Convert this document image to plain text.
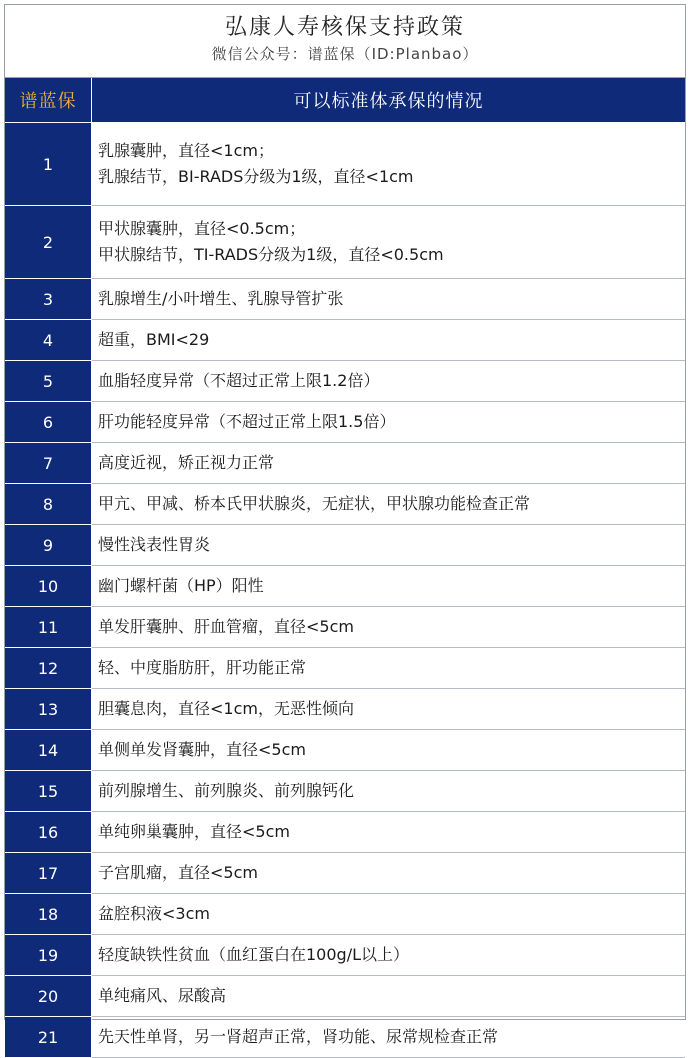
弘康人寿核保支持政策
微信公众号：谱蓝保（ID:Planbao）
谱蓝保	可以标准体承保的情况
1	乳腺囊肿，直径<1cm；
乳腺结节，BI-RADS分级为1级，直径<1cm

2	甲状腺囊肿，直径<0.5cm；
甲状腺结节，TI-RADS分级为1级，直径<0.5cm

3	乳腺增生/小叶增生、乳腺导管扩张

4	超重，BMI<29

5	血脂轻度异常（不超过正常上限1.2倍）

6	肝功能轻度异常（不超过正常上限1.5倍）

7	高度近视，矫正视力正常

8	甲亢、甲减、桥本氏甲状腺炎，无症状，甲状腺功能检查正常

9	慢性浅表性胃炎

10	幽门螺杆菌（HP）阳性

11	单发肝囊肿、肝血管瘤，直径<5cm

12	轻、中度脂肪肝，肝功能正常

13	胆囊息肉，直径<1cm，无恶性倾向

14	单侧单发肾囊肿，直径<5cm

15	前列腺增生、前列腺炎、前列腺钙化

16	单纯卵巢囊肿，直径<5cm

17	子宫肌瘤，直径<5cm

18	盆腔积液<3cm

19	轻度缺铁性贫血（血红蛋白在100g/L以上）

20	单纯痛风、尿酸高

21	先天性单肾，另一肾超声正常，肾功能、尿常规检查正常
